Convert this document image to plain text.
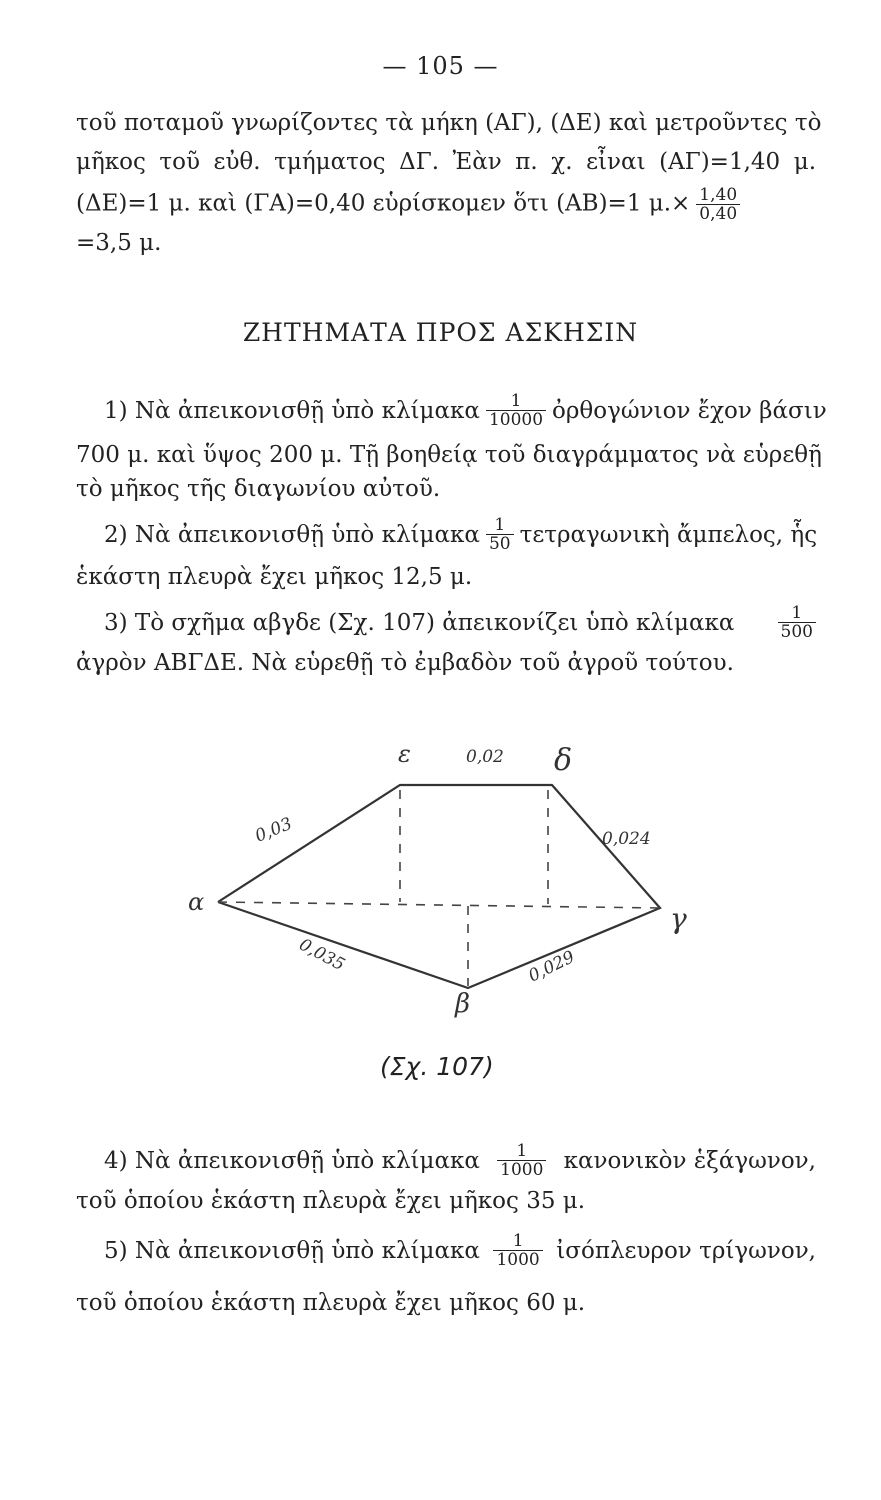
— 105 —
τοῦ ποταμοῦ γνωρίζοντες τὰ μήκη (ΑΓ), (ΔΕ) καὶ μετροῦντες τὸ
μῆκος τοῦ εὐθ. τμήματος ΔΓ. Ἐὰν π. χ. εἶναι (ΑΓ)=1,40 μ.
(ΔΕ)=1 μ. καὶ (ΓΑ)=0,40 εὑρίσκομεν ὅτι (ΑΒ)=1 $\mu.\times \frac{1,40}{0,40}$
=3,5 μ.
ΖΗΤΗΜΑΤΑ ΠΡΟΣ ΑΣΚΗΣΙΝ
1) Νὰ ἀπεικονισθῇ ὑπὸ κλίμακα $\frac{1}{10000}$ ὀρθογώνιον ἔχον βάσιν
700 μ. καὶ ὕψος 200 μ. Τῇ βοηθείᾳ τοῦ διαγράμματος νὰ εὑρεθῇ
τὸ μῆκος τῆς διαγωνίου αὐτοῦ.
2) Νὰ ἀπεικονισθῇ ὑπὸ κλίμακα $\frac{1}{50}$ τετραγωνικὴ ἄμπελος, ἧς
ἑκάστη πλευρὰ ἔχει μῆκος 12,5 μ.
3) Τὸ σχῆμα αβγδε (Σχ. 107) ἀπεικονίζει ὑπὸ κλίμακα	$\frac{1}{500}$
ἀγρὸν ΑΒΓΔΕ. Νὰ εὑρεθῇ τὸ ἐμβαδὸν τοῦ ἀγροῦ τούτου.
ε	δ
α	γ
β
0,02
0,03	0,024
0,035	0,029
(Σχ. 107)
4) Νὰ ἀπεικονισθῇ ὑπὸ κλίμακα $\frac{1}{1000}$ κανονικὸν ἑξάγωνον,
τοῦ ὁποίου ἑκάστη πλευρὰ ἔχει μῆκος 35 μ.
5) Νὰ ἀπεικονισθῇ ὑπὸ κλίμακα $\frac{1}{1000}$ ἰσόπλευρον τρίγωνον,
τοῦ ὁποίου ἑκάστη πλευρὰ ἔχει μῆκος 60 μ.
